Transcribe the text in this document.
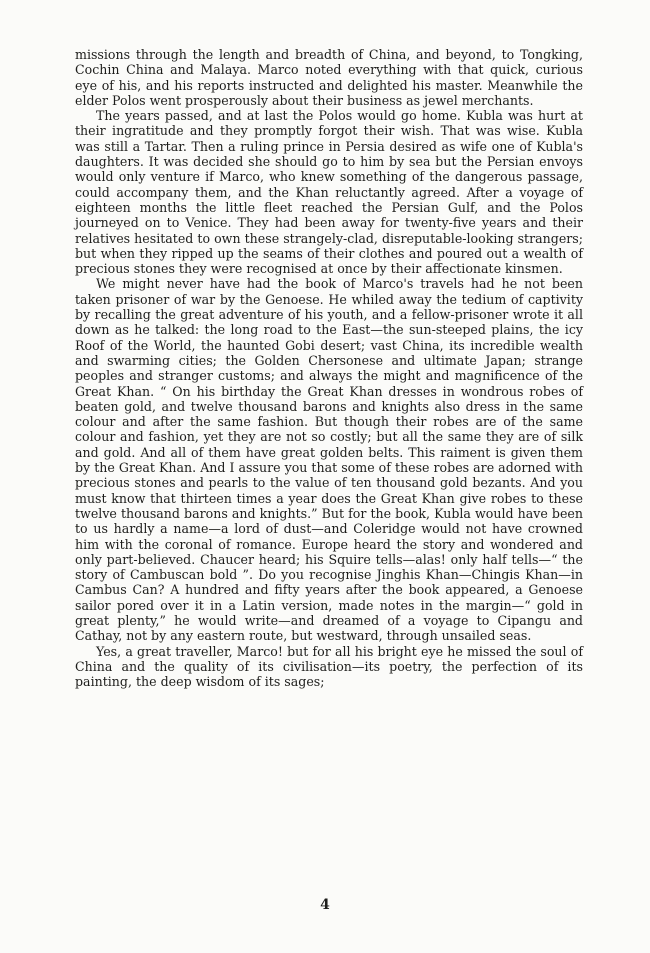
missions through the length and breadth of China, and beyond, to Tongking, Cochin China and Malaya. Marco noted everything with that quick, curious eye of his, and his reports instructed and delighted his master. Meanwhile the elder Polos went prosperously about their business as jewel merchants.

The years passed, and at last the Polos would go home. Kubla was hurt at their ingratitude and they promptly forgot their wish. That was wise. Kubla was still a Tartar. Then a ruling prince in Persia desired as wife one of Kubla's daughters. It was decided she should go to him by sea but the Persian envoys would only venture if Marco, who knew something of the dangerous passage, could accompany them, and the Khan reluctantly agreed. After a voyage of eighteen months the little fleet reached the Persian Gulf, and the Polos journeyed on to Venice. They had been away for twenty-five years and their relatives hesitated to own these strangely-clad, disreputable-looking strangers; but when they ripped up the seams of their clothes and poured out a wealth of precious stones they were recognised at once by their affectionate kinsmen.

We might never have had the book of Marco's travels had he not been taken prisoner of war by the Genoese. He whiled away the tedium of captivity by recalling the great adventure of his youth, and a fellow-prisoner wrote it all down as he talked: the long road to the East—the sun-steeped plains, the icy Roof of the World, the haunted Gobi desert; vast China, its incredible wealth and swarming cities; the Golden Chersonese and ultimate Japan; strange peoples and stranger customs; and always the might and magnificence of the Great Khan. “ On his birthday the Great Khan dresses in wondrous robes of beaten gold, and twelve thousand barons and knights also dress in the same colour and after the same fashion. But though their robes are of the same colour and fashion, yet they are not so costly; but all the same they are of silk and gold. And all of them have great golden belts. This raiment is given them by the Great Khan. And I assure you that some of these robes are adorned with precious stones and pearls to the value of ten thousand gold bezants. And you must know that thirteen times a year does the Great Khan give robes to these twelve thousand barons and knights.” But for the book, Kubla would have been to us hardly a name—a lord of dust—and Coleridge would not have crowned him with the coronal of romance. Europe heard the story and wondered and only part-believed. Chaucer heard; his Squire tells—alas! only half tells—“ the story of Cambuscan bold ”. Do you recognise Jinghis Khan—Chingis Khan—in Cambus Can? A hundred and fifty years after the book appeared, a Genoese sailor pored over it in a Latin version, made notes in the margin—“ gold in great plenty,” he would write—and dreamed of a voyage to Cipangu and Cathay, not by any eastern route, but westward, through unsailed seas.

Yes, a great traveller, Marco! but for all his bright eye he missed the soul of China and the quality of its civilisation—its poetry, the perfection of its painting, the deep wisdom of its sages;

4
